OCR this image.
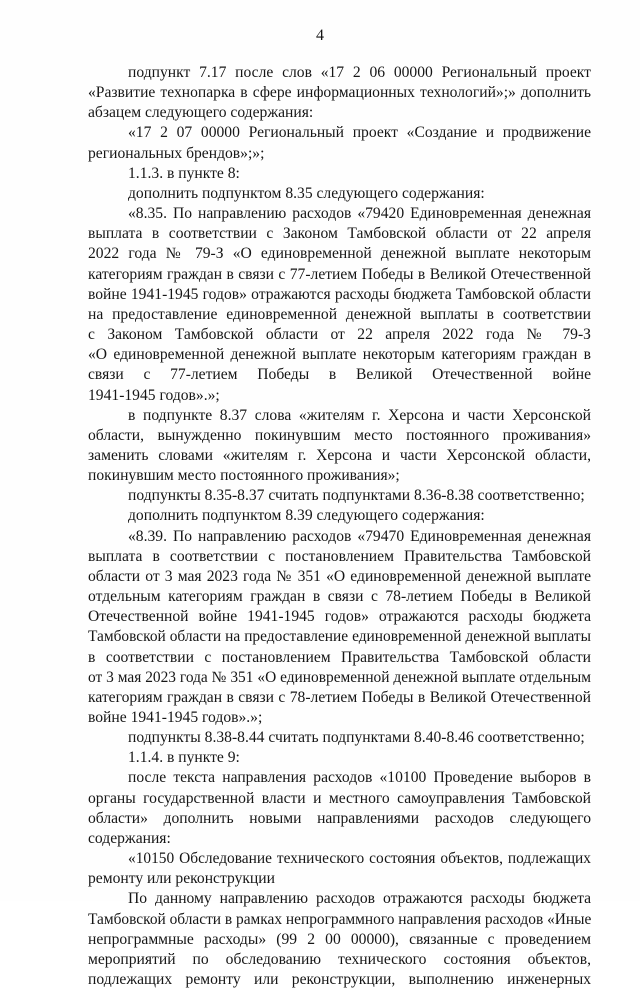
4

подпункт 7.17 после слов «17 2 06 00000 Региональный проект

«Развитие технопарка в сфере информационных технологий»;» дополнить

абзацем следующего содержания:

«17 2 07 00000 Региональный проект «Создание и продвижение

региональных брендов»;»;

1.1.3. в пункте 8:

дополнить подпунктом 8.35 следующего содержания:

«8.35. По направлению расходов «79420 Единовременная денежная

выплата в соответствии с Законом Тамбовской области от 22 апреля

2022 года № 79-З «О единовременной денежной выплате некоторым

категориям граждан в связи с 77-летием Победы в Великой Отечественной

войне 1941-1945 годов» отражаются расходы бюджета Тамбовской области

на предоставление единовременной денежной выплаты в соответствии

с Законом Тамбовской области от 22 апреля 2022 года № 79-З

«О единовременной денежной выплате некоторым категориям граждан в

связи с 77-летием Победы в Великой Отечественной войне

1941-1945 годов».»;

в подпункте 8.37 слова «жителям г. Херсона и части Херсонской

области, вынужденно покинувшим место постоянного проживания»

заменить словами «жителям г. Херсона и части Херсонской области,

покинувшим место постоянного проживания»;

подпункты 8.35-8.37 считать подпунктами 8.36-8.38 соответственно;

дополнить подпунктом 8.39 следующего содержания:

«8.39. По направлению расходов «79470 Единовременная денежная

выплата в соответствии с постановлением Правительства Тамбовской

области от 3 мая 2023 года № 351 «О единовременной денежной выплате

отдельным категориям граждан в связи с 78-летием Победы в Великой

Отечественной войне 1941-1945 годов» отражаются расходы бюджета

Тамбовской области на предоставление единовременной денежной выплаты

в соответствии с постановлением Правительства Тамбовской области

от 3 мая 2023 года № 351 «О единовременной денежной выплате отдельным

категориям граждан в связи с 78-летием Победы в Великой Отечественной

войне 1941-1945 годов».»;

подпункты 8.38-8.44 считать подпунктами 8.40-8.46 соответственно;

1.1.4. в пункте 9:

после текста направления расходов «10100 Проведение выборов в

органы государственной власти и местного самоуправления Тамбовской

области» дополнить новыми направлениями расходов следующего

содержания:

«10150 Обследование технического состояния объектов, подлежащих

ремонту или реконструкции

По данному направлению расходов отражаются расходы бюджета

Тамбовской области в рамках непрограммного направления расходов «Иные

непрограммные расходы» (99 2 00 00000), связанные с проведением

мероприятий по обследованию технического состояния объектов,

подлежащих ремонту или реконструкции, выполнению инженерных
